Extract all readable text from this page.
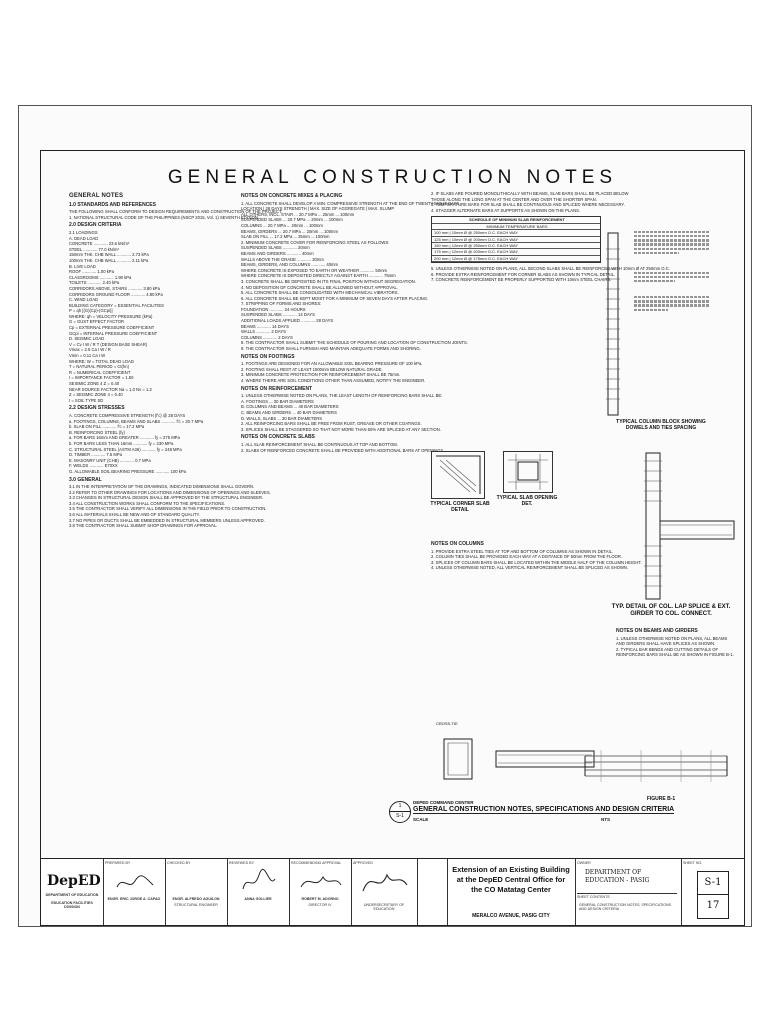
GENERAL CONSTRUCTION NOTES
GENERAL NOTES
1.0 STANDARDS AND REFERENCES
THE FOLLOWING SHALL CONFORM TO DESIGN REQUIREMENTS AND CONSTRUCTION OF THE PROJECT:
1. NATIONAL STRUCTURAL CODE OF THE PHILIPPINES (NSCP 2015, Vol. 1) SEVENTH EDITION
2.0 DESIGN CRITERIA
2.1 LOADINGS
A. DEAD LOAD
CONCRETE ............ 23.6 kN/m³
STEEL ............ 77.0 kN/m³
150mm THK. CHB WALL ............ 2.73 kPa
100mm THK. CHB WALL ............ 2.11 kPa
B. LIVE LOAD
ROOF ............ 1.00 kPa
CLASSROOMS ............ 1.90 kPa
TOILETS ............ 2.40 kPa
CORRIDORS ABOVE, STAIRS ............ 3.80 kPa
CORRIDORS GROUND FLOOR ............ 4.80 kPa
C. WIND LOAD
BUILDING CATEGORY = ESSENTIAL FACILITIES
P = qh [(G)(Cp)-(GCpi)]
WHERE: qh = VELOCITY PRESSURE (kPa)
G = GUST EFFECT FACTOR
Cp = EXTERNAL PRESSURE COEFFICIENT
GCpi = INTERNAL PRESSURE COEFFICIENT
D. SEISMIC LOAD
V = Cv I W / R T (DESIGN BASE SHEAR)
Vmax = 2.5 Ca I W / R
Vmin = 0.11 Ca I W
WHERE: W = TOTAL DEAD LOAD
T = NATURAL PERIOD = Ct(hn)
R = NUMERICAL COEFFICIENT
I = IMPORTANCE FACTOR = 1.50
SEISMIC ZONE 4 Z = 0.40
NEAR SOURCE FACTOR Na = 1.0 Nv = 1.2
Z = SEISMIC ZONE 4 = 0.40
I = SOIL TYPE SD
2.2 DESIGN STRESSES
A. CONCRETE COMPRESSIVE STRENGTH (f'c) @ 28 DAYS
a. FOOTINGS, COLUMNS, BEAMS AND SLABS ............ f'c = 20.7 MPa
b. SLAB ON FILL ............ f'c = 17.2 MPa
B. REINFORCING STEEL (fy)
a. FOR BARS 16mm AND GREATER ............ fy = 275 MPa
b. FOR BARS LESS THAN 16mm ............ fy = 230 MPa
C. STRUCTURAL STEEL (ASTM A36) ............ fy = 248 MPa
D. TIMBER ............ 7.5 MPa
E. MASONRY UNIT (CHB) ............ 0.7 MPa
F. WELDS ............ E70XX
G. ALLOWABLE SOIL BEARING PRESSURE ............ 100 kPa
3.0 GENERAL
3.1 IN THE INTERPRETATION OF THE DRAWINGS, INDICATED DIMENSIONS SHALL GOVERN.
3.2 REFER TO OTHER DRAWINGS FOR LOCATIONS AND DIMENSIONS OF OPENINGS AND SLEEVES.
3.3 CHANGES IN STRUCTURAL DESIGN SHALL BE APPROVED BY THE STRUCTURAL ENGINEER.
3.4 ALL CONSTRUCTION WORKS SHALL CONFORM TO THE SPECIFICATIONS.
3.5 THE CONTRACTOR SHALL VERIFY ALL DIMENSIONS IN THE FIELD PRIOR TO CONSTRUCTION.
3.6 ALL MATERIALS SHALL BE NEW AND OF STANDARD QUALITY.
3.7 NO PIPES OR DUCTS SHALL BE EMBEDDED IN STRUCTURAL MEMBERS UNLESS APPROVED.
3.8 THE CONTRACTOR SHALL SUBMIT SHOP DRAWINGS FOR APPROVAL.
NOTES ON CONCRETE MIXES & PLACING
1. ALL CONCRETE SHALL DEVELOP A MIN. COMPRESSIVE STRENGTH AT THE END OF TWENTY-EIGHT DAYS.
LOCATION | 28 DAYS STRENGTH | MAX. SIZE OF AGGREGATE | MAX. SLUMP
ALL OTHERS, INCL. STAIR ... 20.7 MPa ... 25mm ... 100mm
SUSPENDED SLABS ... 20.7 MPa ... 20mm ... 100mm
COLUMNS ... 20.7 MPa ... 20mm ... 100mm
BEAMS, GIRDERS ... 20.7 MPa ... 20mm ... 100mm
SLAB ON FILL ... 17.2 MPa ... 25mm ... 100mm
2. MINIMUM CONCRETE COVER FOR REINFORCING STEEL AS FOLLOWS:
SUSPENDED SLABS ............ 20mm
BEAMS AND GIRDERS ............ 40mm
WALLS ABOVE THE GRADE ............ 20mm
BEAMS, GIRDERS, AND COLUMNS ............ 40mm
WHERE CONCRETE IS EXPOSED TO EARTH OR WEATHER ............ 50mm
WHERE CONCRETE IS DEPOSITED DIRECTLY AGAINST EARTH ............ 75mm
3. CONCRETE SHALL BE DEPOSITED IN ITS FINAL POSITION WITHOUT SEGREGATION.
4. NO DEPOSITION OF CONCRETE SHALL BE ALLOWED WITHOUT APPROVAL.
5. ALL CONCRETE SHALL BE CONSOLIDATED WITH MECHANICAL VIBRATORS.
6. ALL CONCRETE SHALL BE KEPT MOIST FOR A MINIMUM OF SEVEN DAYS AFTER PLACING.
7. STRIPPING OF FORMS AND SHORES:
FOUNDATION ............ 24 HOURS
SUSPENDED SLABS ............ 14 DAYS
ADDITIONAL LOADS APPLIED ............ 28 DAYS
BEAMS ............ 14 DAYS
WALLS ............ 2 DAYS
COLUMNS ............ 2 DAYS
8. THE CONTRACTOR SHALL SUBMIT THE SCHEDULE OF POURING AND LOCATION OF CONSTRUCTION JOINTS.
9. THE CONTRACTOR SHALL FURNISH AND MAINTAIN ADEQUATE FORMS AND SHORING.
NOTES ON FOOTINGS
1. FOOTINGS ARE DESIGNED FOR AN ALLOWABLE SOIL BEARING PRESSURE OF 100 kPa.
2. FOOTING SHALL REST AT LEAST 1500mm BELOW NATURAL GRADE.
3. MINIMUM CONCRETE PROTECTION FOR REINFORCEMENT SHALL BE 75mm.
4. WHERE THERE ARE SOIL CONDITIONS OTHER THAN ASSUMED, NOTIFY THE ENGINEER.
NOTES ON REINFORCEMENT
1. UNLESS OTHERWISE NOTED ON PLANS, THE LEAST LENGTH OF REINFORCING BARS SHALL BE:
A. FOOTINGS ... 30 BAR DIAMETERS
B. COLUMNS AND BEAMS ... 40 BAR DIAMETERS
C. BEAMS AND GIRDERS ... 40 BAR DIAMETERS
D. WALLS, SLABS ... 30 BAR DIAMETERS
2. ALL REINFORCING BARS SHALL BE FREE FROM RUST, GREASE OR OTHER COATINGS.
3. SPLICES SHALL BE STAGGERED SO THAT NOT MORE THAN 50% ARE SPLICED AT ANY SECTION.
NOTES ON CONCRETE SLABS
1. ALL SLAB REINFORCEMENT SHALL BE CONTINUOUS AT TOP AND BOTTOM.
2. SLABS OF REINFORCED CONCRETE SHALL BE PROVIDED WITH ADDITIONAL BARS AT OPENINGS.
2. IF SLABS ARE POURED MONOLITHICALLY WITH BEAMS, SLAB BARS SHALL BE PLACED BELOW
THOSE ALONG THE LONG SPAN AT THE CENTER AND OVER THE SHORTER SPAN.
3. TEMPERATURE BARS FOR SLAB SHALL BE CONTINUOUS AND SPLICED WHERE NECESSARY.
4. STAGGER ALTERNATE BARS AT SUPPORTS AS SHOWN ON THE PLANS.
SCHEDULE OF MINIMUM SLAB REINFORCEMENT
MINIMUM TEMPERATURE BARS
100 mm | 10mm Ø @ 250mm O.C. EACH WAY
125 mm | 10mm Ø @ 200mm O.C. EACH WAY
150 mm | 12mm Ø @ 250mm O.C. EACH WAY
175 mm | 12mm Ø @ 200mm O.C. EACH WAY
200 mm | 12mm Ø @ 175mm O.C. EACH WAY
5. UNLESS OTHERWISE NOTED ON PLANS, ALL SECOND SLABS SHALL BE REINFORCED WITH 10mm Ø AT 250mm O.C.
6. PROVIDE EXTRA REINFORCEMENT FOR CORNER SLABS AS SHOWN IN TYPICAL DETAIL.
7. CONCRETE REINFORCEMENT BE PROPERLY SUPPORTED WITH 10mm STEEL CHAIRS.
TYPICAL CORNER SLAB DETAIL
TYPICAL SLAB OPENING DET.
NOTES ON COLUMNS
1. PROVIDE EXTRA STEEL TIES AT TOP AND BOTTOM OF COLUMNS AS SHOWN IN DETAIL.
2. COLUMN TIES SHALL BE PROVIDED EACH WAY AT A DISTANCE OF 50mm FROM THE FLOOR.
3. SPLICES OF COLUMN BARS SHALL BE LOCATED WITHIN THE MIDDLE HALF OF THE COLUMN HEIGHT.
4. UNLESS OTHERWISE NOTED, ALL VERTICAL REINFORCEMENT SHALL BE SPLICED AS SHOWN.
TYPICAL COLUMN BLOCK SHOWING DOWELS AND TIES SPACING
TYP. DETAIL OF COL. LAP SPLICE & EXT. GIRDER TO COL. CONNECT.
NOTES ON BEAMS AND GIRDERS
1. UNLESS OTHERWISE NOTED ON PLANS, ALL BEAMS AND GIRDERS SHALL HAVE SPLICES AS SHOWN.
2. TYPICAL BAR BENDS AND CUTTING DETAILS OF REINFORCING BARS SHALL BE AS SHOWN IN FIGURE B-1.
CROSS-TIE
FIGURE B-1
1
S-1
DEPED COMMAND CENTER
GENERAL CONSTRUCTION NOTES, SPECIFICATIONS AND DESIGN CRITERIA
SCALE	NTS
DepED
DEPARTMENT OF EDUCATION
EDUCATION FACILITIES DIVISION
PREPARED BY
ENGR. ERIC JORGE A. CAPAO
CHECKED BY
ENGR. ALFREDO AGUILON
STRUCTURAL ENGINEER
REVIEWED BY
ANNA GOLLIER
RECOMMENDING APPROVAL
ROBERT M. ADORNO
DIRECTOR IV
APPROVED
UNDERSECRETARY OF EDUCATION
Extension of an Existing Building at the DepED Central Office for the CO Matatag Center
MERALCO AVENUE, PASIG CITY
OWNER
DEPARTMENT OF EDUCATION - PASIG
SHEET CONTENTS
GENERAL CONSTRUCTION NOTES, SPECIFICATIONS AND DESIGN CRITERIA
SHEET NO.
S-1
17
